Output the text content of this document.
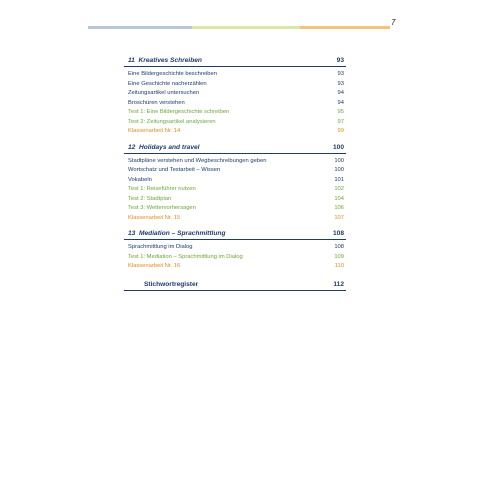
7
11 Kreatives Schreiben	93
Eine Bildergeschichte beschreiben	93
Eine Geschichte nacherzählen	93
Zeitungsartikel untersuchen	94
Broschüren verstehen	94
Test 1: Eine Bildergeschichte schreiben	95
Test 2: Zeitungsartikel analysieren	97
Klassenarbeit Nr. 14	99
12 Holidays and travel	100
Stadtpläne verstehen und Wegbeschreibungen geben	100
Wortschatz und Textarbeit – Wissen	100
Vokabeln	101
Test 1: Reiseführer nutzen	102
Test 2: Stadtplan	104
Test 3: Wettervorhersagen	106
Klassenarbeit Nr. 15	107
13 Mediation – Sprachmittlung	108
Sprachmittlung im Dialog	108
Test 1: Mediation – Sprachmittlung im Dialog	109
Klassenarbeit Nr. 16	110
Stichwortregister	112
